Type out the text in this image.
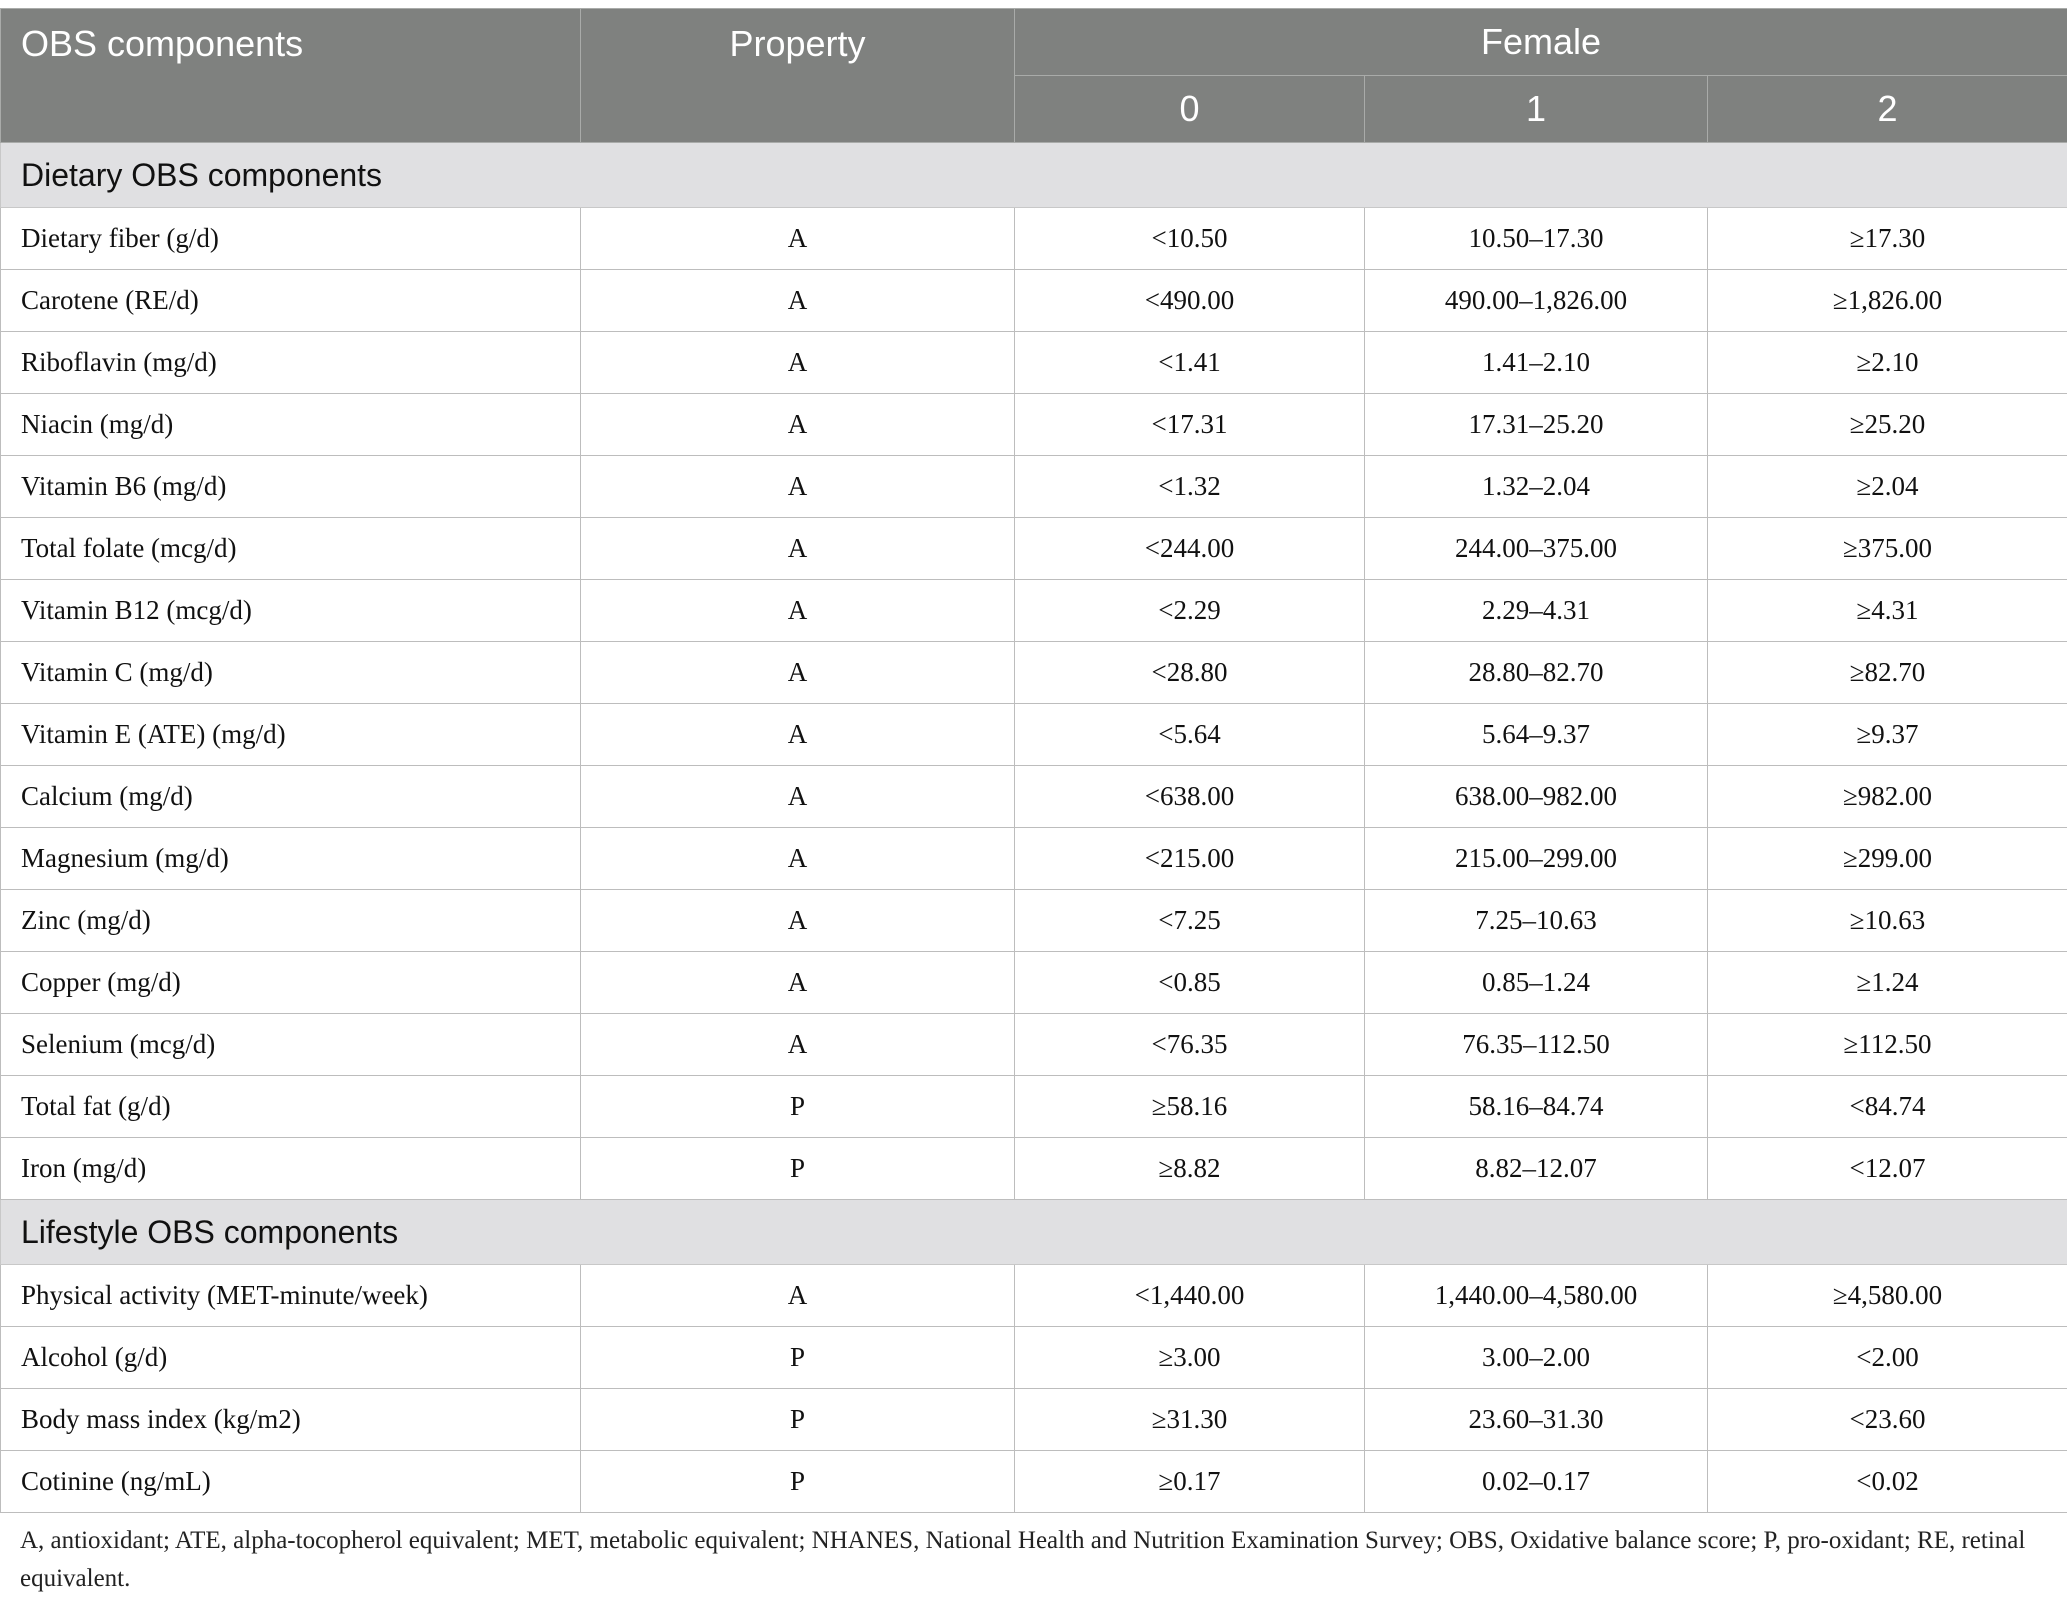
OBS components	Property	Female		
		0	1	2
Dietary OBS components				
Dietary fiber (g/d)	A	<10.50	10.50–17.30	≥17.30
Carotene (RE/d)	A	<490.00	490.00–1,826.00	≥1,826.00
Riboflavin (mg/d)	A	<1.41	1.41–2.10	≥2.10
Niacin (mg/d)	A	<17.31	17.31–25.20	≥25.20
Vitamin B6 (mg/d)	A	<1.32	1.32–2.04	≥2.04
Total folate (mcg/d)	A	<244.00	244.00–375.00	≥375.00
Vitamin B12 (mcg/d)	A	<2.29	2.29–4.31	≥4.31
Vitamin C (mg/d)	A	<28.80	28.80–82.70	≥82.70
Vitamin E (ATE) (mg/d)	A	<5.64	5.64–9.37	≥9.37
Calcium (mg/d)	A	<638.00	638.00–982.00	≥982.00
Magnesium (mg/d)	A	<215.00	215.00–299.00	≥299.00
Zinc (mg/d)	A	<7.25	7.25–10.63	≥10.63
Copper (mg/d)	A	<0.85	0.85–1.24	≥1.24
Selenium (mcg/d)	A	<76.35	76.35–112.50	≥112.50
Total fat (g/d)	P	≥58.16	58.16–84.74	<84.74
Iron (mg/d)	P	≥8.82	8.82–12.07	<12.07
Lifestyle OBS components				
Physical activity (MET-minute/week)	A	<1,440.00	1,440.00–4,580.00	≥4,580.00
Alcohol (g/d)	P	≥3.00	3.00–2.00	<2.00
Body mass index (kg/m2)	P	≥31.30	23.60–31.30	<23.60
Cotinine (ng/mL)	P	≥0.17	0.02–0.17	<0.02

A, antioxidant; ATE, alpha-tocopherol equivalent; MET, metabolic equivalent; NHANES, National Health and Nutrition Examination Survey; OBS, Oxidative balance score; P, pro-oxidant; RE, retinal equivalent.
